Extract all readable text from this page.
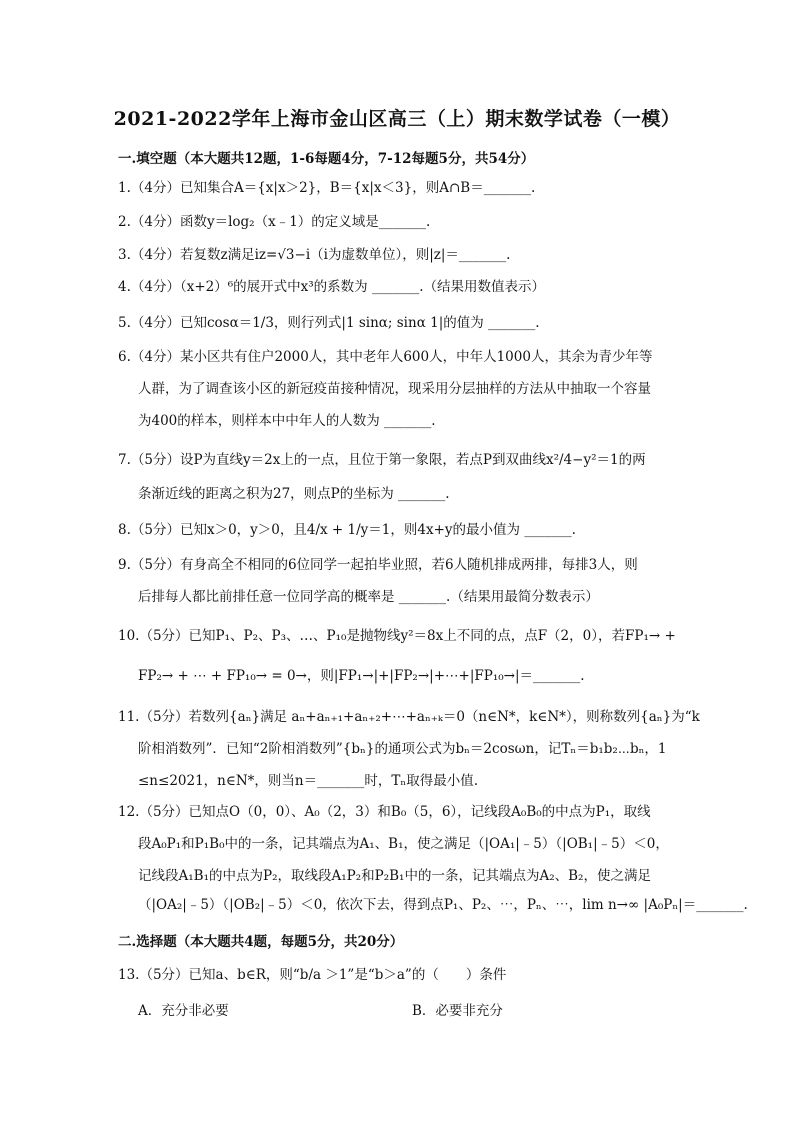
2021-2022学年上海市金山区高三（上）期末数学试卷（一模）
一.填空题（本大题共12题，1-6每题4分，7-12每题5分，共54分）
1.（4分）已知集合A＝{x|x＞2}，B＝{x|x＜3}，则A∩B＝_______.
2.（4分）函数y＝log₂（x﹣1）的定义域是_______.
3.（4分）若复数z满足iz=√3−i（i为虚数单位），则|z|＝_______.
4.（4分）（x+2）⁶的展开式中x³的系数为 _______.（结果用数值表示）
5.（4分）已知cosα＝1/3，则行列式|1 sinα; sinα 1|的值为 _______.
6.（4分）某小区共有住户2000人，其中老年人600人，中年人1000人，其余为青少年等
人群，为了调查该小区的新冠疫苗接种情况，现采用分层抽样的方法从中抽取一个容量
为400的样本，则样本中中年人的人数为 _______.
7.（5分）设P为直线y＝2x上的一点，且位于第一象限，若点P到双曲线x²/4−y²＝1的两
条渐近线的距离之积为27，则点P的坐标为 _______.
8.（5分）已知x＞0，y＞0，且4/x + 1/y＝1，则4x+y的最小值为 _______.
9.（5分）有身高全不相同的6位同学一起拍毕业照，若6人随机排成两排，每排3人，则
后排每人都比前排任意一位同学高的概率是 _______.（结果用最简分数表示）
10.（5分）已知P₁、P₂、P₃、…、P₁₀是抛物线y²＝8x上不同的点，点F（2，0），若FP₁→ +
FP₂→ + ⋯ + FP₁₀→ = 0→，则|FP₁→|+|FP₂→|+⋯+|FP₁₀→|＝_______.
11.（5分）若数列{aₙ}满足 aₙ+aₙ₊₁+aₙ₊₂+⋯+aₙ₊ₖ＝0（n∈N*，k∈N*），则称数列{aₙ}为“k
阶相消数列”．已知“2阶相消数列”{bₙ}的通项公式为bₙ＝2cosωn，记Tₙ＝b₁b₂⋯bₙ，1
≤n≤2021，n∈N*，则当n＝_______时，Tₙ取得最小值.
12.（5分）已知点O（0，0）、A₀（2，3）和B₀（5，6），记线段A₀B₀的中点为P₁，取线
段A₀P₁和P₁B₀中的一条，记其端点为A₁、B₁，使之满足（|OA₁|﹣5）（|OB₁|﹣5）＜0，
记线段A₁B₁的中点为P₂，取线段A₁P₂和P₂B₁中的一条，记其端点为A₂、B₂，使之满足
（|OA₂|﹣5）（|OB₂|﹣5）＜0，依次下去，得到点P₁、P₂、⋯，Pₙ、⋯，lim n→∞ |A₀Pₙ|＝_______.
二.选择题（本大题共4题，每题5分，共20分）
13.（5分）已知a、b∈R，则“b/a ＞1”是“b＞a”的（　　）条件
A．充分非必要	B．必要非充分
